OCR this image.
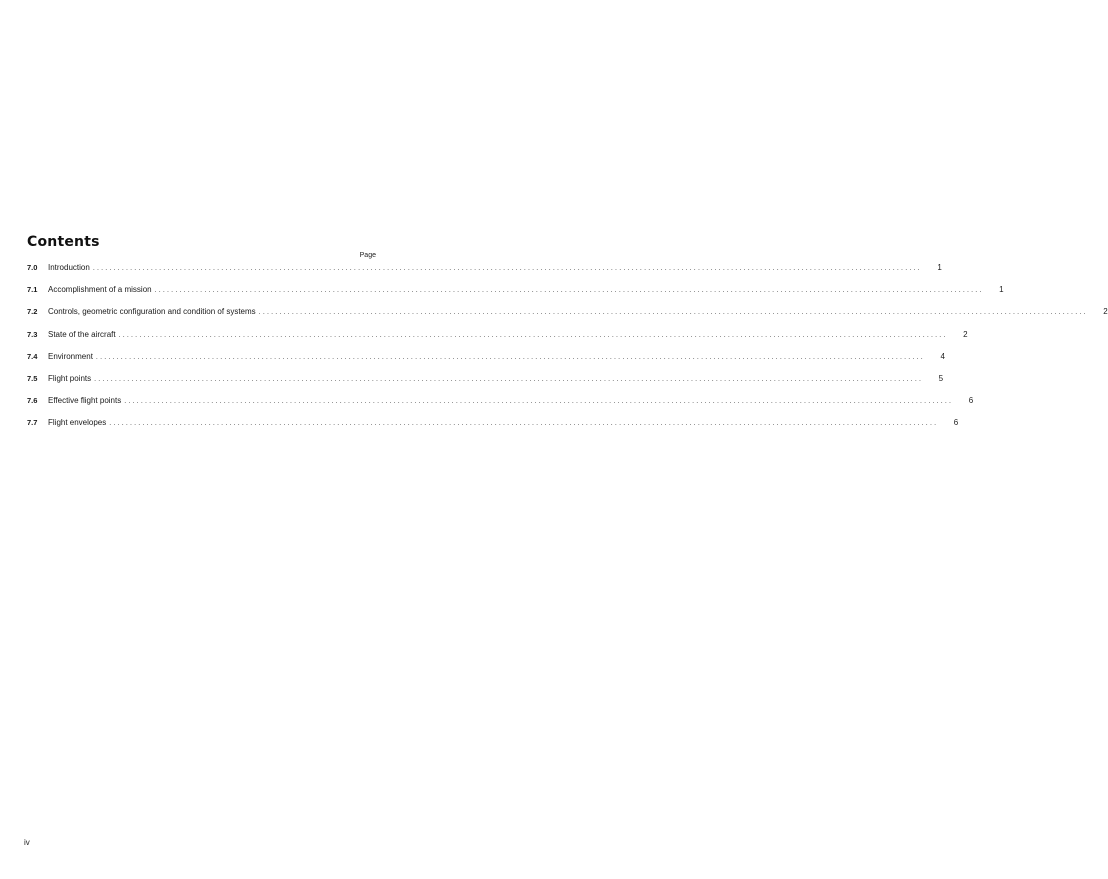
Contents
Page
7.0	Introduction ........................................................................................................................................................................................................	1
7.1	Accomplishment of a mission ........................................................................................................................................................................................................	1
7.2	Controls, geometric configuration and condition of systems ........................................................................................................................................................................................................	2
7.3	State of the aircraft ........................................................................................................................................................................................................	2
7.4	Environment ........................................................................................................................................................................................................	4
7.5	Flight points ........................................................................................................................................................................................................	5
7.6	Effective flight points ........................................................................................................................................................................................................	6
7.7	Flight envelopes ........................................................................................................................................................................................................	6
iv
